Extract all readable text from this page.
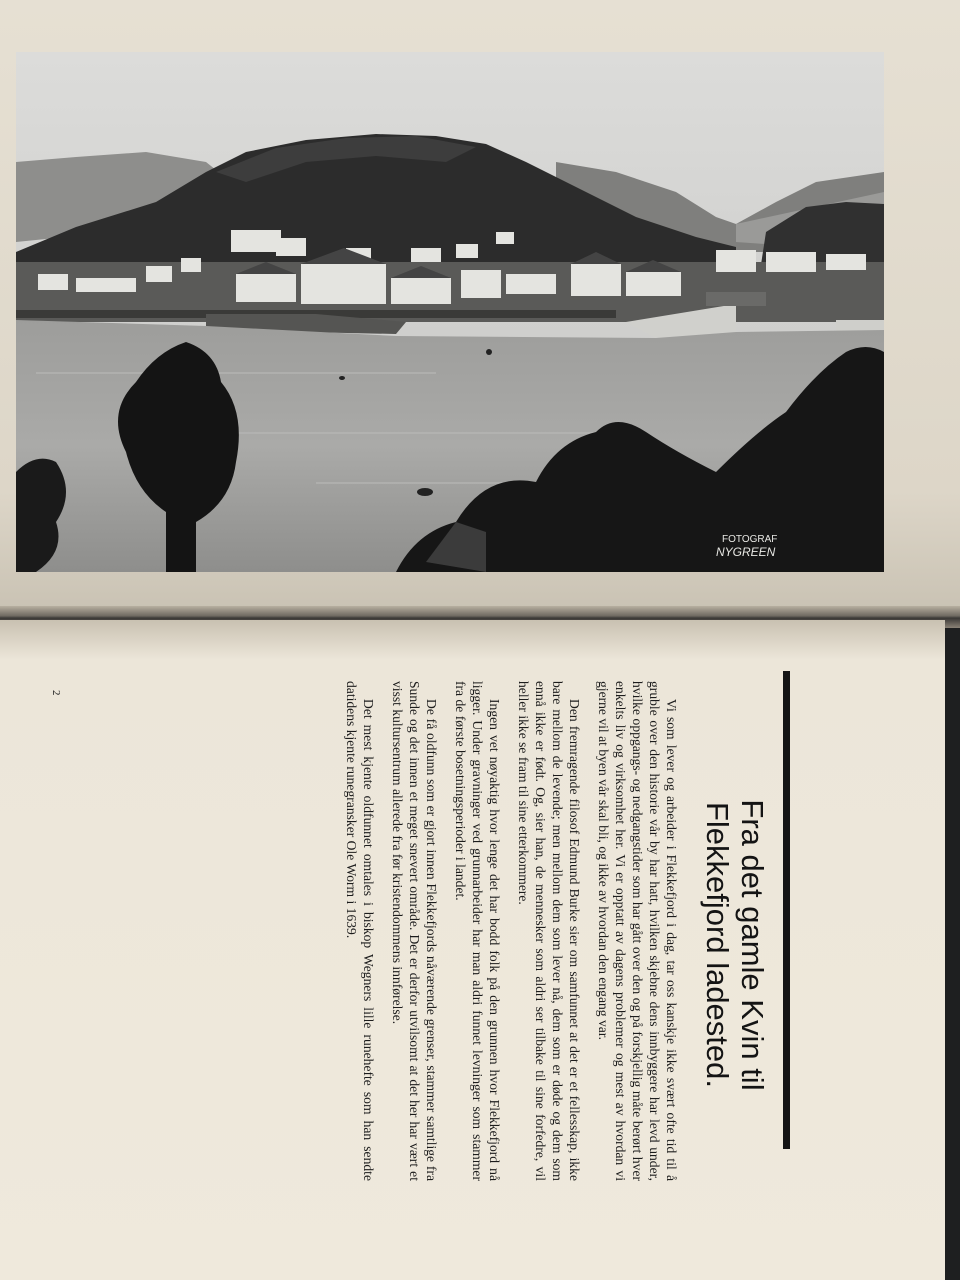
FOTOGRAF
NYGREEN
Fra det gamle Kvin til
Flekkefjord ladested.

Vi som lever og arbeider i Flekkefjord i dag, tar oss kanskje ikke svært ofte tid til å gruble over den historie vår by har hatt, hvilken skjebne dens innbyggere har levd under, hvilke oppgangs- og nedgangstider som har gått over den og på forskjellig måte berørt hver enkelts liv og virksomhet her. Vi er opptatt av dagens problemer og mest av hvordan vi gjerne vil at byen vår skal bli, og ikke av hvordan den engang var.

Den fremragende filosof Edmund Burke sier om samfunnet at det er et fellesskap, ikke bare mellom de levende; men mellom dem som lever nå, dem som er døde og dem som ennå ikke er født. Og, sier han, de mennesker som aldri ser tilbake til sine forfedre, vil heller ikke se fram til sine etterkommere.

Ingen vet nøyaktig hvor lenge det har bodd folk på den grunnen hvor Flekkefjord nå ligger. Under gravninger ved grunnarbeider har man aldri funnet levninger som stammer fra de første bosetningsperioder i landet.

De få oldfunn som er gjort innen Flekkefjords nåværende grenser, stammer samtlige fra Sunde og det innen et meget snevert område. Det er derfor utvilsomt at det her har vært et visst kultursentrum allerede fra før kristendommens innførelse.

Det mest kjente oldfunnet omtales i biskop Wegners lille runehefte som han sendte datidens kjente runegransker Ole Worm i 1639.

2
